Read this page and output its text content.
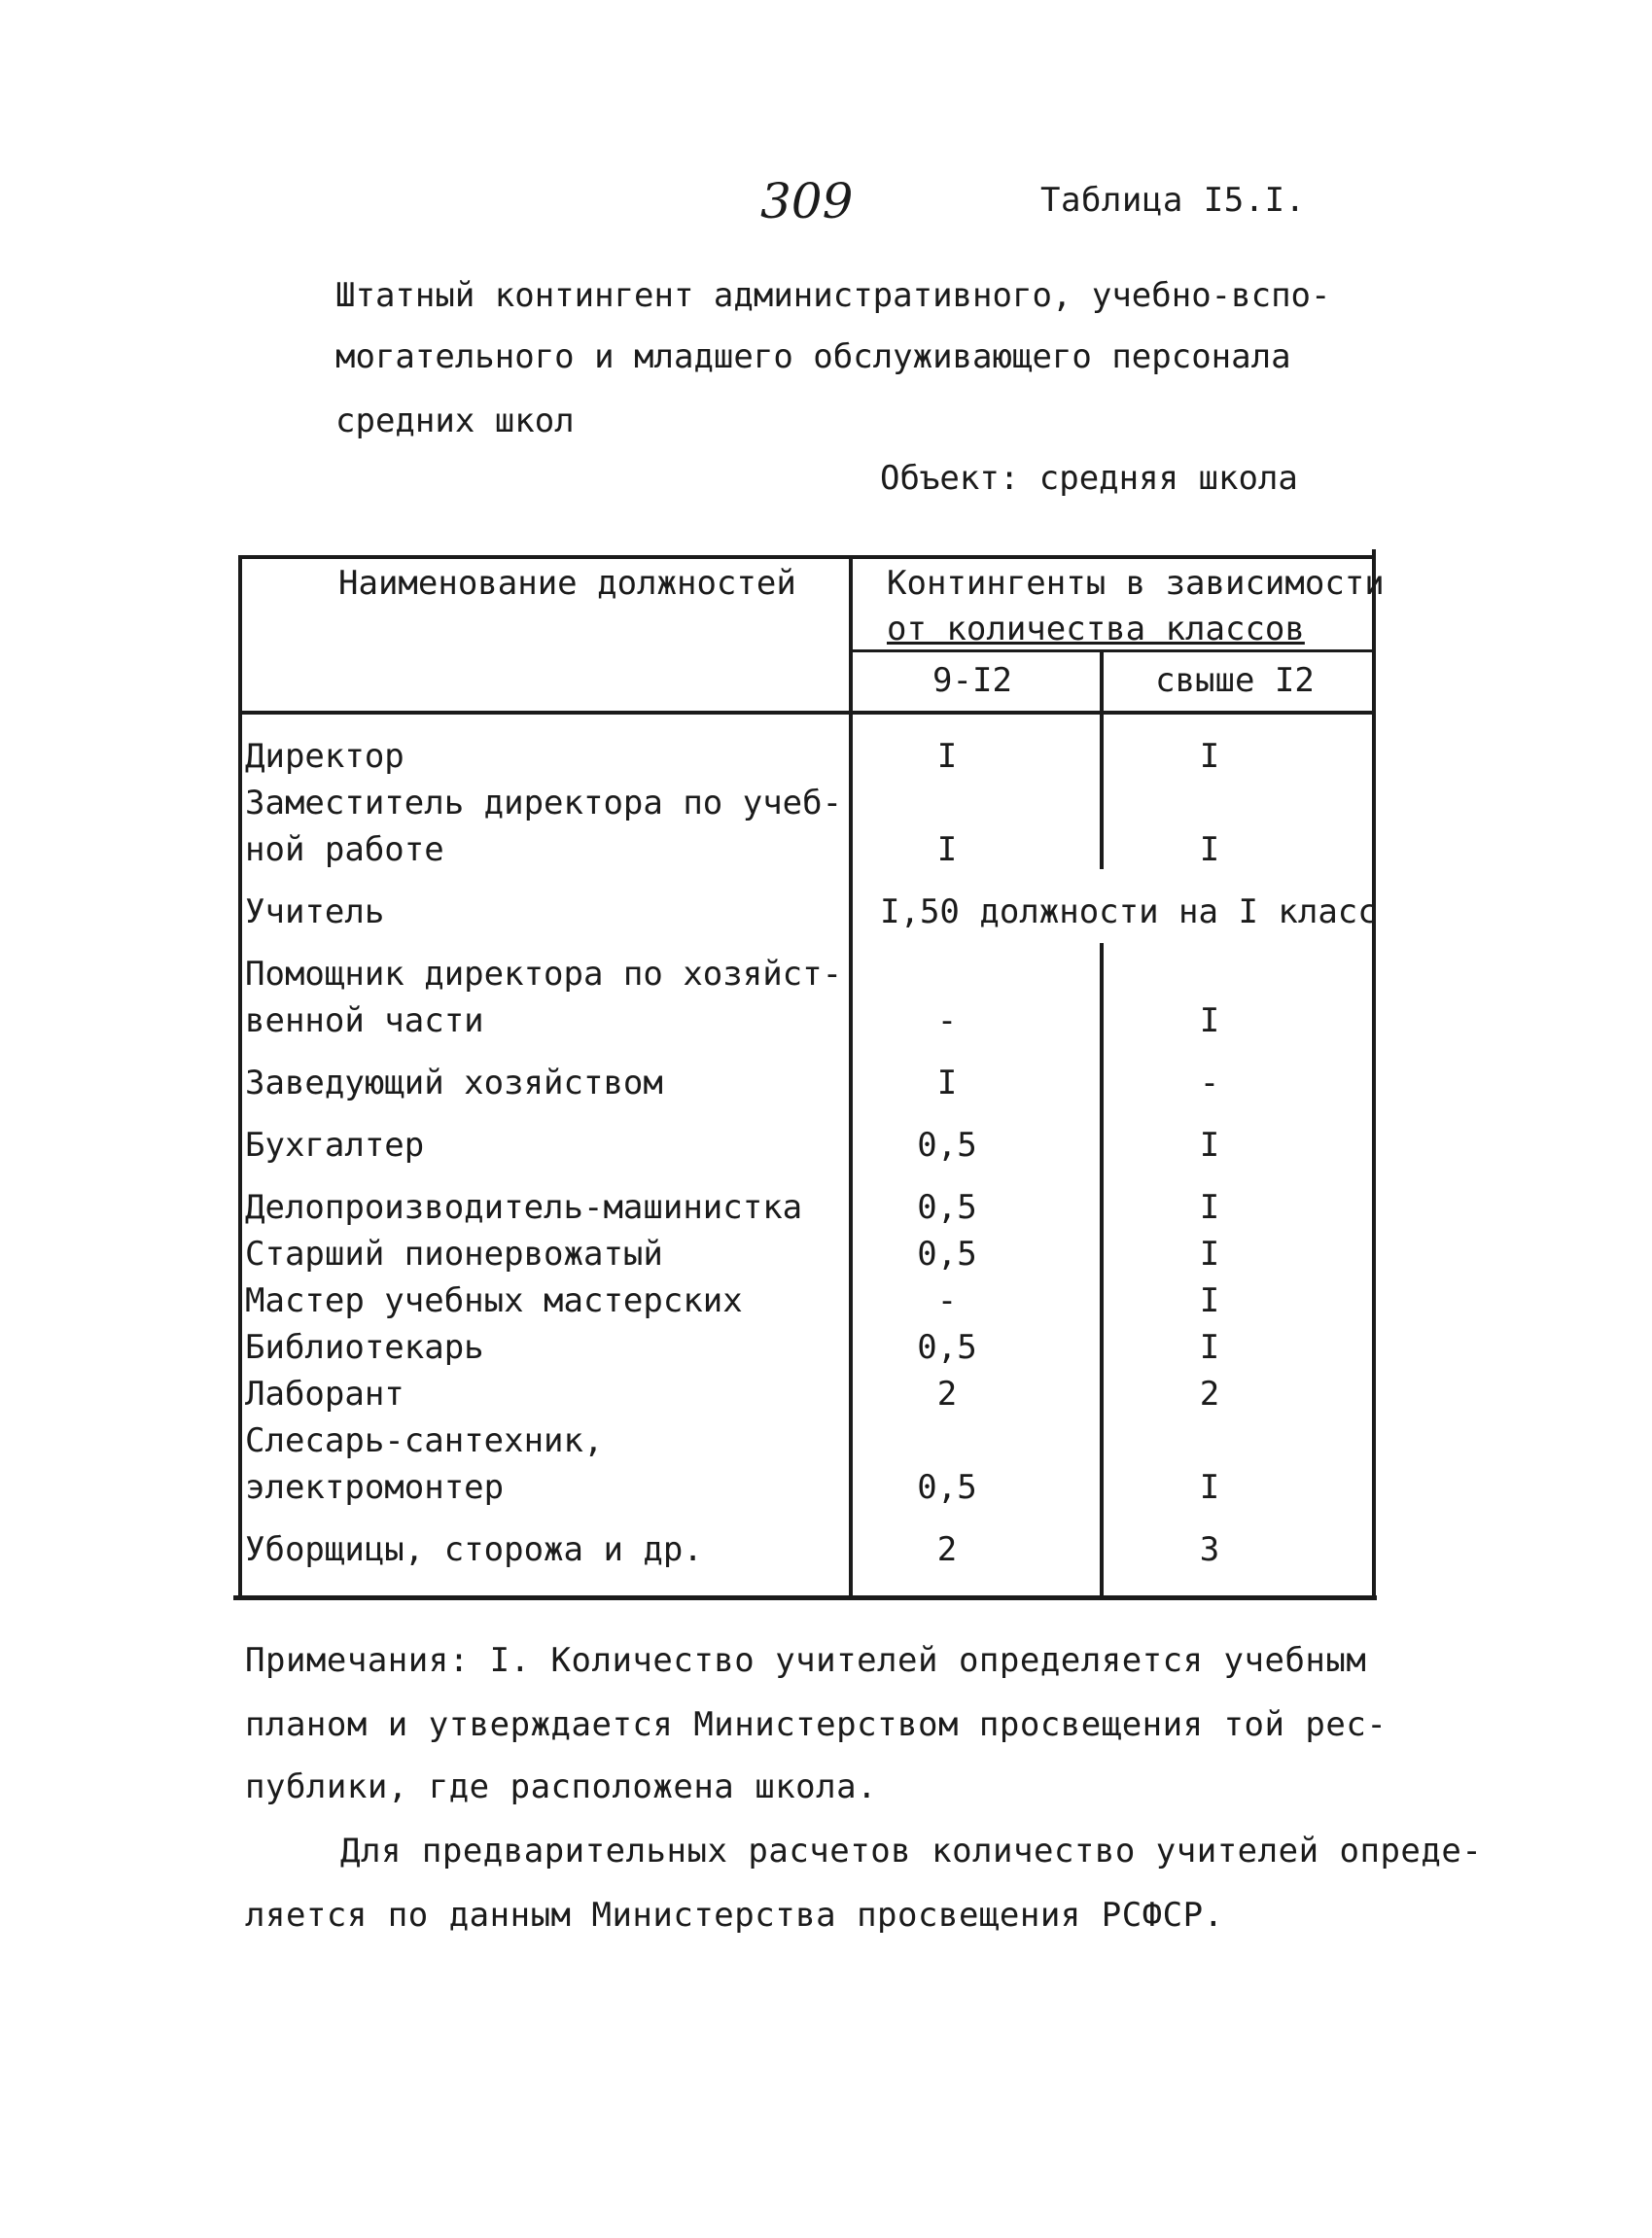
309	Таблица I5.I.
Штатный контингент административного, учебно-вспо-
могательного и младшего обслуживающего персонала
средних школ
Объект: средняя школа
Наименование должностей	Контингенты в зависимости
от количества классов
9-I2	свыше I2
Директор	I	I
Заместитель директора по учеб-
ной работе	I	I
Учитель	I,50 должности на I класс
Помощник директора по хозяйст-
венной части	-	I
Заведующий хозяйством	I	-
Бухгалтер	0,5	I
Делопроизводитель-машинистка	0,5	I
Старший пионервожатый	0,5	I
Мастер учебных мастерских	-	I
Библиотекарь	0,5	I
Лаборант	2	2
Слесарь-сантехник,
электромонтер	0,5	I
Уборщицы, сторожа и др.	2	3
Примечания: I. Количество учителей определяется учебным
планом и утверждается Министерством просвещения той рес-
публики, где расположена школа.
Для предварительных расчетов количество учителей опреде-
ляется по данным Министерства просвещения РСФСР.
